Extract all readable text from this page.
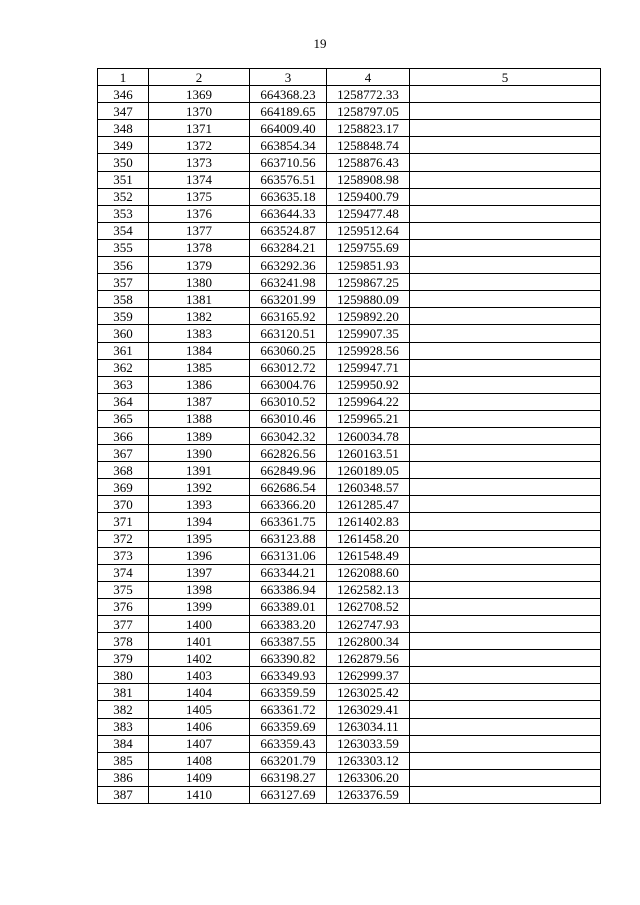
19
1	2	3	4	5
346	1369	664368.23	1258772.33	
347	1370	664189.65	1258797.05	
348	1371	664009.40	1258823.17	
349	1372	663854.34	1258848.74	
350	1373	663710.56	1258876.43	
351	1374	663576.51	1258908.98	
352	1375	663635.18	1259400.79	
353	1376	663644.33	1259477.48	
354	1377	663524.87	1259512.64	
355	1378	663284.21	1259755.69	
356	1379	663292.36	1259851.93	
357	1380	663241.98	1259867.25	
358	1381	663201.99	1259880.09	
359	1382	663165.92	1259892.20	
360	1383	663120.51	1259907.35	
361	1384	663060.25	1259928.56	
362	1385	663012.72	1259947.71	
363	1386	663004.76	1259950.92	
364	1387	663010.52	1259964.22	
365	1388	663010.46	1259965.21	
366	1389	663042.32	1260034.78	
367	1390	662826.56	1260163.51	
368	1391	662849.96	1260189.05	
369	1392	662686.54	1260348.57	
370	1393	663366.20	1261285.47	
371	1394	663361.75	1261402.83	
372	1395	663123.88	1261458.20	
373	1396	663131.06	1261548.49	
374	1397	663344.21	1262088.60	
375	1398	663386.94	1262582.13	
376	1399	663389.01	1262708.52	
377	1400	663383.20	1262747.93	
378	1401	663387.55	1262800.34	
379	1402	663390.82	1262879.56	
380	1403	663349.93	1262999.37	
381	1404	663359.59	1263025.42	
382	1405	663361.72	1263029.41	
383	1406	663359.69	1263034.11	
384	1407	663359.43	1263033.59	
385	1408	663201.79	1263303.12	
386	1409	663198.27	1263306.20	
387	1410	663127.69	1263376.59	
